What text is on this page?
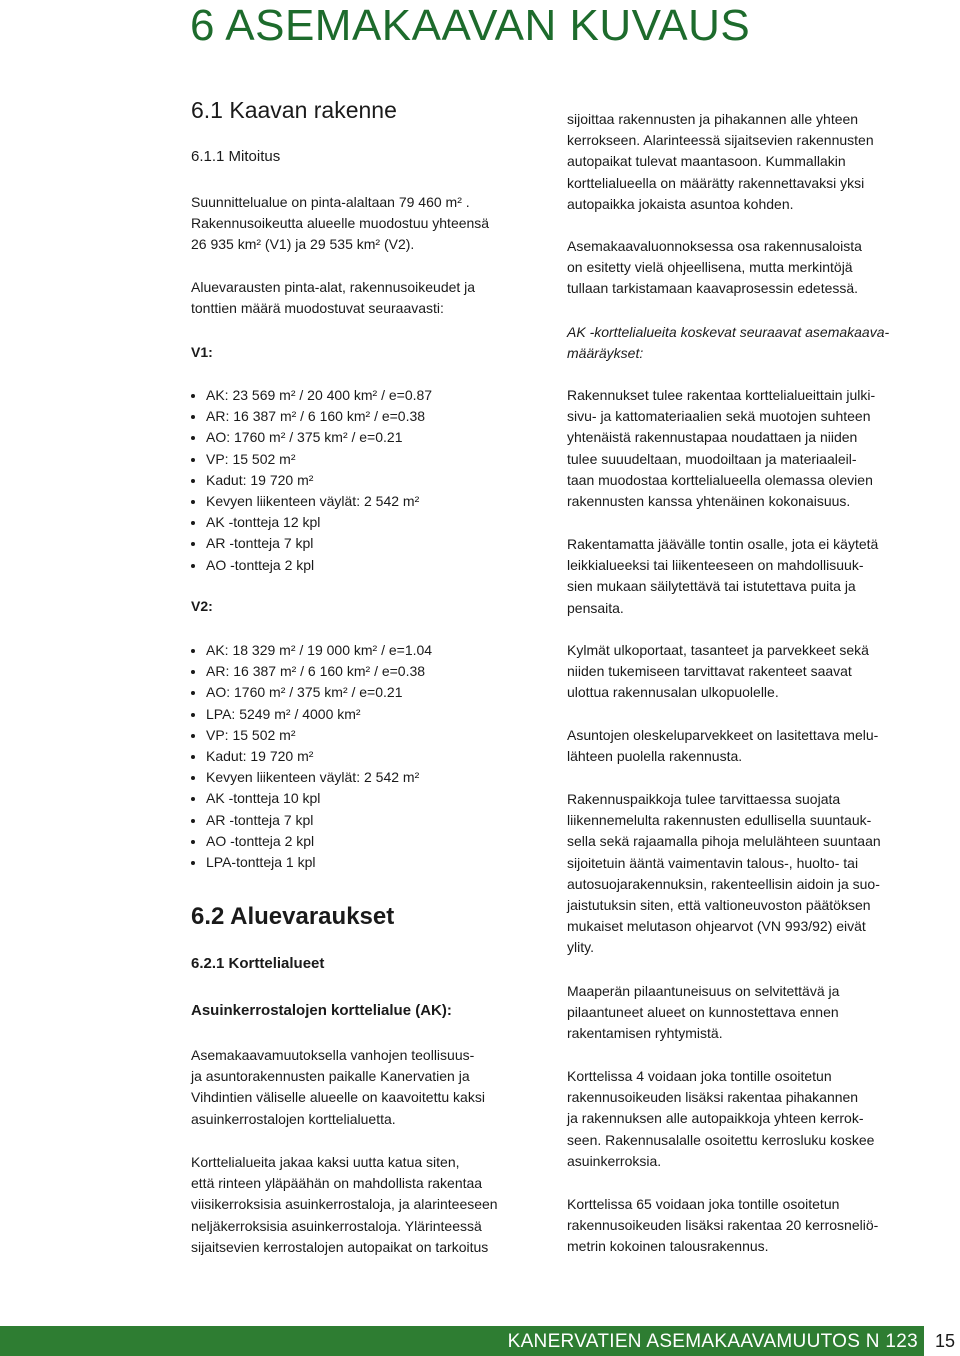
6 ASEMAKAAVAN KUVAUS
6.1 Kaavan rakenne
6.1.1 Mitoitus
Suunnittelualue on pinta-alaltaan 79 460 m² .
Rakennusoikeutta alueelle muodostuu yhteensä
26 935 km² (V1) ja 29 535 km² (V2).
Aluevarausten pinta-alat, rakennusoikeudet ja
tonttien määrä muodostuvat seuraavasti:
V1:
AK: 23 569 m² / 20 400 km² / e=0.87
AR: 16 387 m² / 6 160 km² / e=0.38
AO: 1760 m² / 375 km² / e=0.21
VP: 15 502 m²
Kadut: 19 720 m²
Kevyen liikenteen väylät: 2 542 m²
AK -tontteja 12 kpl
AR -tontteja 7 kpl
AO -tontteja 2 kpl
V2:
AK: 18 329 m² / 19 000 km² / e=1.04
AR: 16 387 m² / 6 160 km² / e=0.38
AO: 1760 m² / 375 km² / e=0.21
LPA: 5249 m² / 4000 km²
VP: 15 502 m²
Kadut: 19 720 m²
Kevyen liikenteen väylät: 2 542 m²
AK -tontteja 10 kpl
AR -tontteja 7 kpl
AO -tontteja 2 kpl
LPA-tontteja 1 kpl
6.2 Aluevaraukset
6.2.1 Korttelialueet
Asuinkerrostalojen korttelialue (AK):
Asemakaavamuutoksella vanhojen teollisuus-
ja asuntorakennusten paikalle Kanervatien ja
Vihdintien väliselle alueelle on kaavoitettu kaksi
asuinkerrostalojen korttelialuetta.
Korttelialueita jakaa kaksi uutta katua siten,
että rinteen yläpäähän on mahdollista rakentaa
viisikerroksisia asuinkerrostaloja, ja alarinteeseen
neljäkerroksisia asuinkerrostaloja. Ylärinteessä
sijaitsevien kerrostalojen autopaikat on tarkoitus
sijoittaa rakennusten ja pihakannen alle yhteen
kerrokseen. Alarinteessä sijaitsevien rakennusten
autopaikat tulevat maantasoon. Kummallakin
korttelialueella on määrätty rakennettavaksi yksi
autopaikka jokaista asuntoa kohden.
Asemakaavaluonnoksessa osa rakennusaloista
on esitetty vielä ohjeellisena, mutta merkintöjä
tullaan tarkistamaan kaavaprosessin edetessä.
AK -korttelialueita koskevat seuraavat asemakaava-
määräykset:
Rakennukset tulee rakentaa korttelialueittain julki-
sivu- ja kattomateriaalien sekä muotojen suhteen
yhtenäistä rakennustapaa noudattaen ja niiden
tulee suuudeltaan, muodoiltaan ja materiaaleil-
taan muodostaa korttelialueella olemassa olevien
rakennusten kanssa yhtenäinen kokonaisuus.
Rakentamatta jäävälle tontin osalle, jota ei käytetä
leikkialueeksi tai liikenteeseen on mahdollisuuk-
sien mukaan säilytettävä tai istutettava puita ja
pensaita.
Kylmät ulkoportaat, tasanteet ja parvekkeet sekä
niiden tukemiseen tarvittavat rakenteet saavat
ulottua rakennusalan ulkopuolelle.
Asuntojen oleskeluparvekkeet on lasitettava melu-
lähteen puolella rakennusta.
Rakennuspaikkoja tulee tarvittaessa suojata
liikennemelulta rakennusten edullisella suuntauk-
sella sekä rajaamalla pihoja melulähteen suuntaan
sijoitetuin ääntä vaimentavin talous-, huolto- tai
autosuojarakennuksin, rakenteellisin aidoin ja suo-
jaistutuksin siten, että valtioneuvoston päätöksen
mukaiset melutason ohjearvot (VN 993/92) eivät
ylity.
Maaperän pilaantuneisuus on selvitettävä ja
pilaantuneet alueet on kunnostettava ennen
rakentamisen ryhtymistä.
Korttelissa 4 voidaan joka tontille osoitetun
rakennusoikeuden lisäksi rakentaa pihakannen
ja rakennuksen alle autopaikkoja yhteen kerrok-
seen. Rakennusalalle osoitettu kerrosluku koskee
asuinkerroksia.
Korttelissa 65 voidaan joka tontille osoitetun
rakennusoikeuden lisäksi rakentaa 20 kerrosneliö-
metrin kokoinen talousrakennus.
KANERVATIEN ASEMAKAAVAMUUTOS N 123 15
